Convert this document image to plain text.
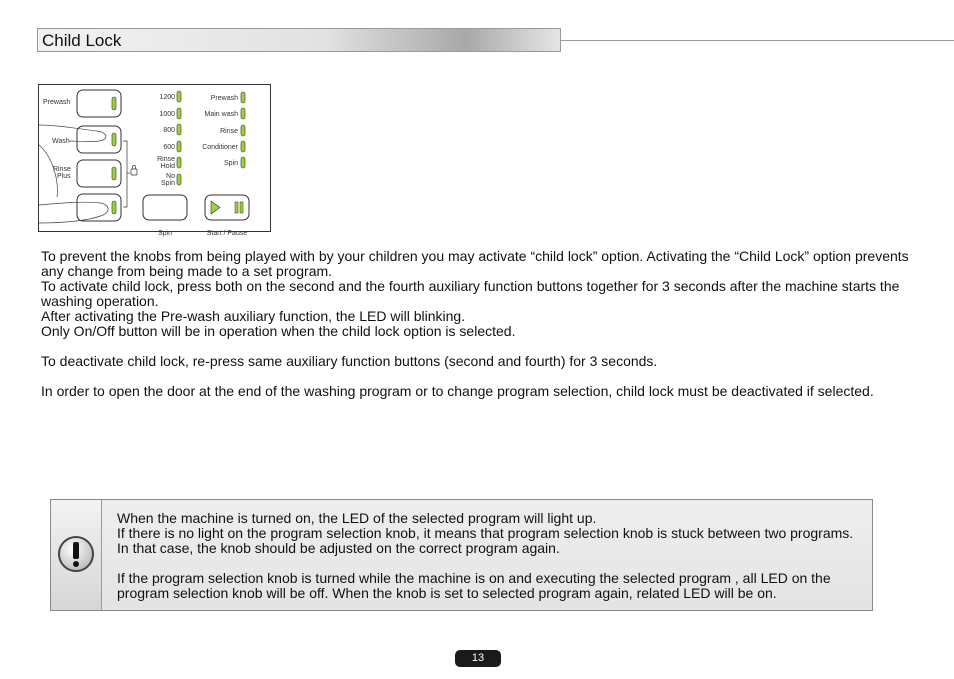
Child Lock
Prewash
Wash
Rinse
Plus
1200
1000
800
600
Rinse
Hold
No
Spin
Prewash
Main wash
Rinse
Conditioner
Spin
Spin	Start / Pause

To prevent the knobs from being played with by your children you may activate “child lock” option. Activating the “Child Lock” option prevents any change from being made to a set program.

To activate child lock, press both on the second and the fourth auxiliary function buttons together for 3 seconds after the machine starts the washing operation.

After activating the Pre-wash auxiliary function, the LED will blinking.

Only On/Off button will be in operation when the child lock option is selected.

To deactivate child lock, re-press same auxiliary function buttons (second and fourth) for 3 seconds.

In order to open the door at the end of the washing program or to change program selection, child lock must be deactivated if selected.

When the machine is turned on, the LED of the selected program will light up.

If there is no light on the program selection knob, it means that program selection knob is stuck between two programs. In that case, the knob should be adjusted on the correct program again.

If the program selection knob is turned while the machine is on and executing the selected program , all LED on the program selection knob will be off. When the knob is set to selected program again, related LED will be on.

13
